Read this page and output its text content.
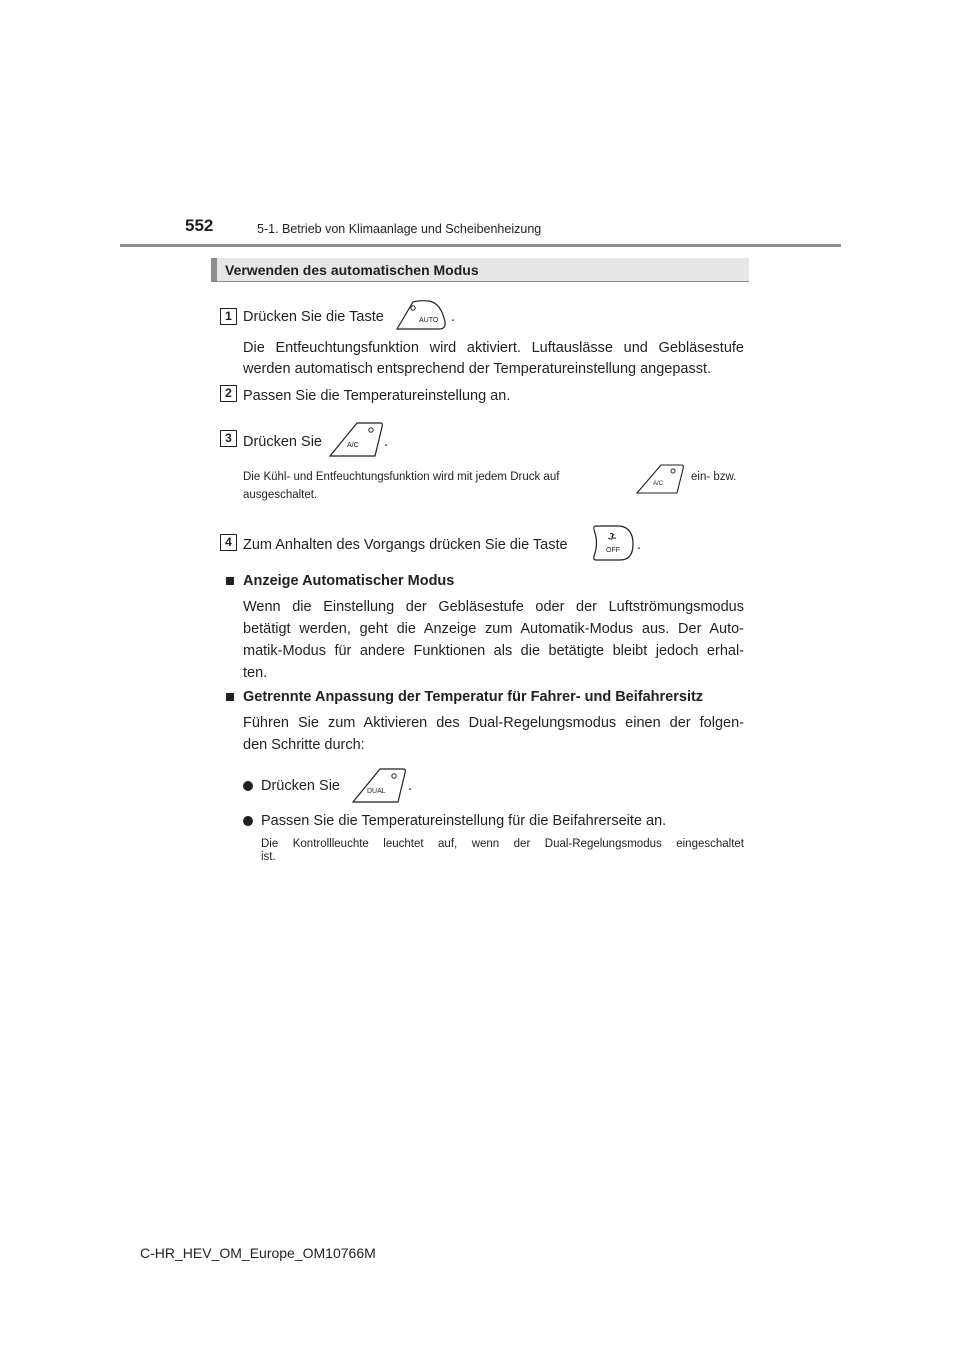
552	5-1. Betrieb von Klimaanlage und Scheibenheizung
Verwenden des automatischen Modus
1 Drücken Sie die Taste	AUTO .
Die Entfeuchtungsfunktion wird aktiviert. Luftauslässe und Gebläsestufe
werden automatisch entsprechend der Temperatureinstellung angepasst.
2 Passen Sie die Temperatureinstellung an.
3 Drücken Sie	A/C .
Die Kühl- und Entfeuchtungsfunktion wird mit jedem Druck auf
A/C
ein- bzw.
ausgeschaltet.
4 Zum Anhalten des Vorgangs drücken Sie die Taste	OFF .
Anzeige Automatischer Modus
Wenn die Einstellung der Gebläsestufe oder der Luftströmungsmodus
betätigt werden, geht die Anzeige zum Automatik-Modus aus. Der Auto-
matik-Modus für andere Funktionen als die betätigte bleibt jedoch erhal-
ten.
Getrennte Anpassung der Temperatur für Fahrer- und Beifahrersitz
Führen Sie zum Aktivieren des Dual-Regelungsmodus einen der folgen-
den Schritte durch:
Drücken Sie	DUAL .
Passen Sie die Temperatureinstellung für die Beifahrerseite an.
Die Kontrollleuchte leuchtet auf, wenn der Dual-Regelungsmodus eingeschaltet
ist.
C-HR_HEV_OM_Europe_OM10766M
